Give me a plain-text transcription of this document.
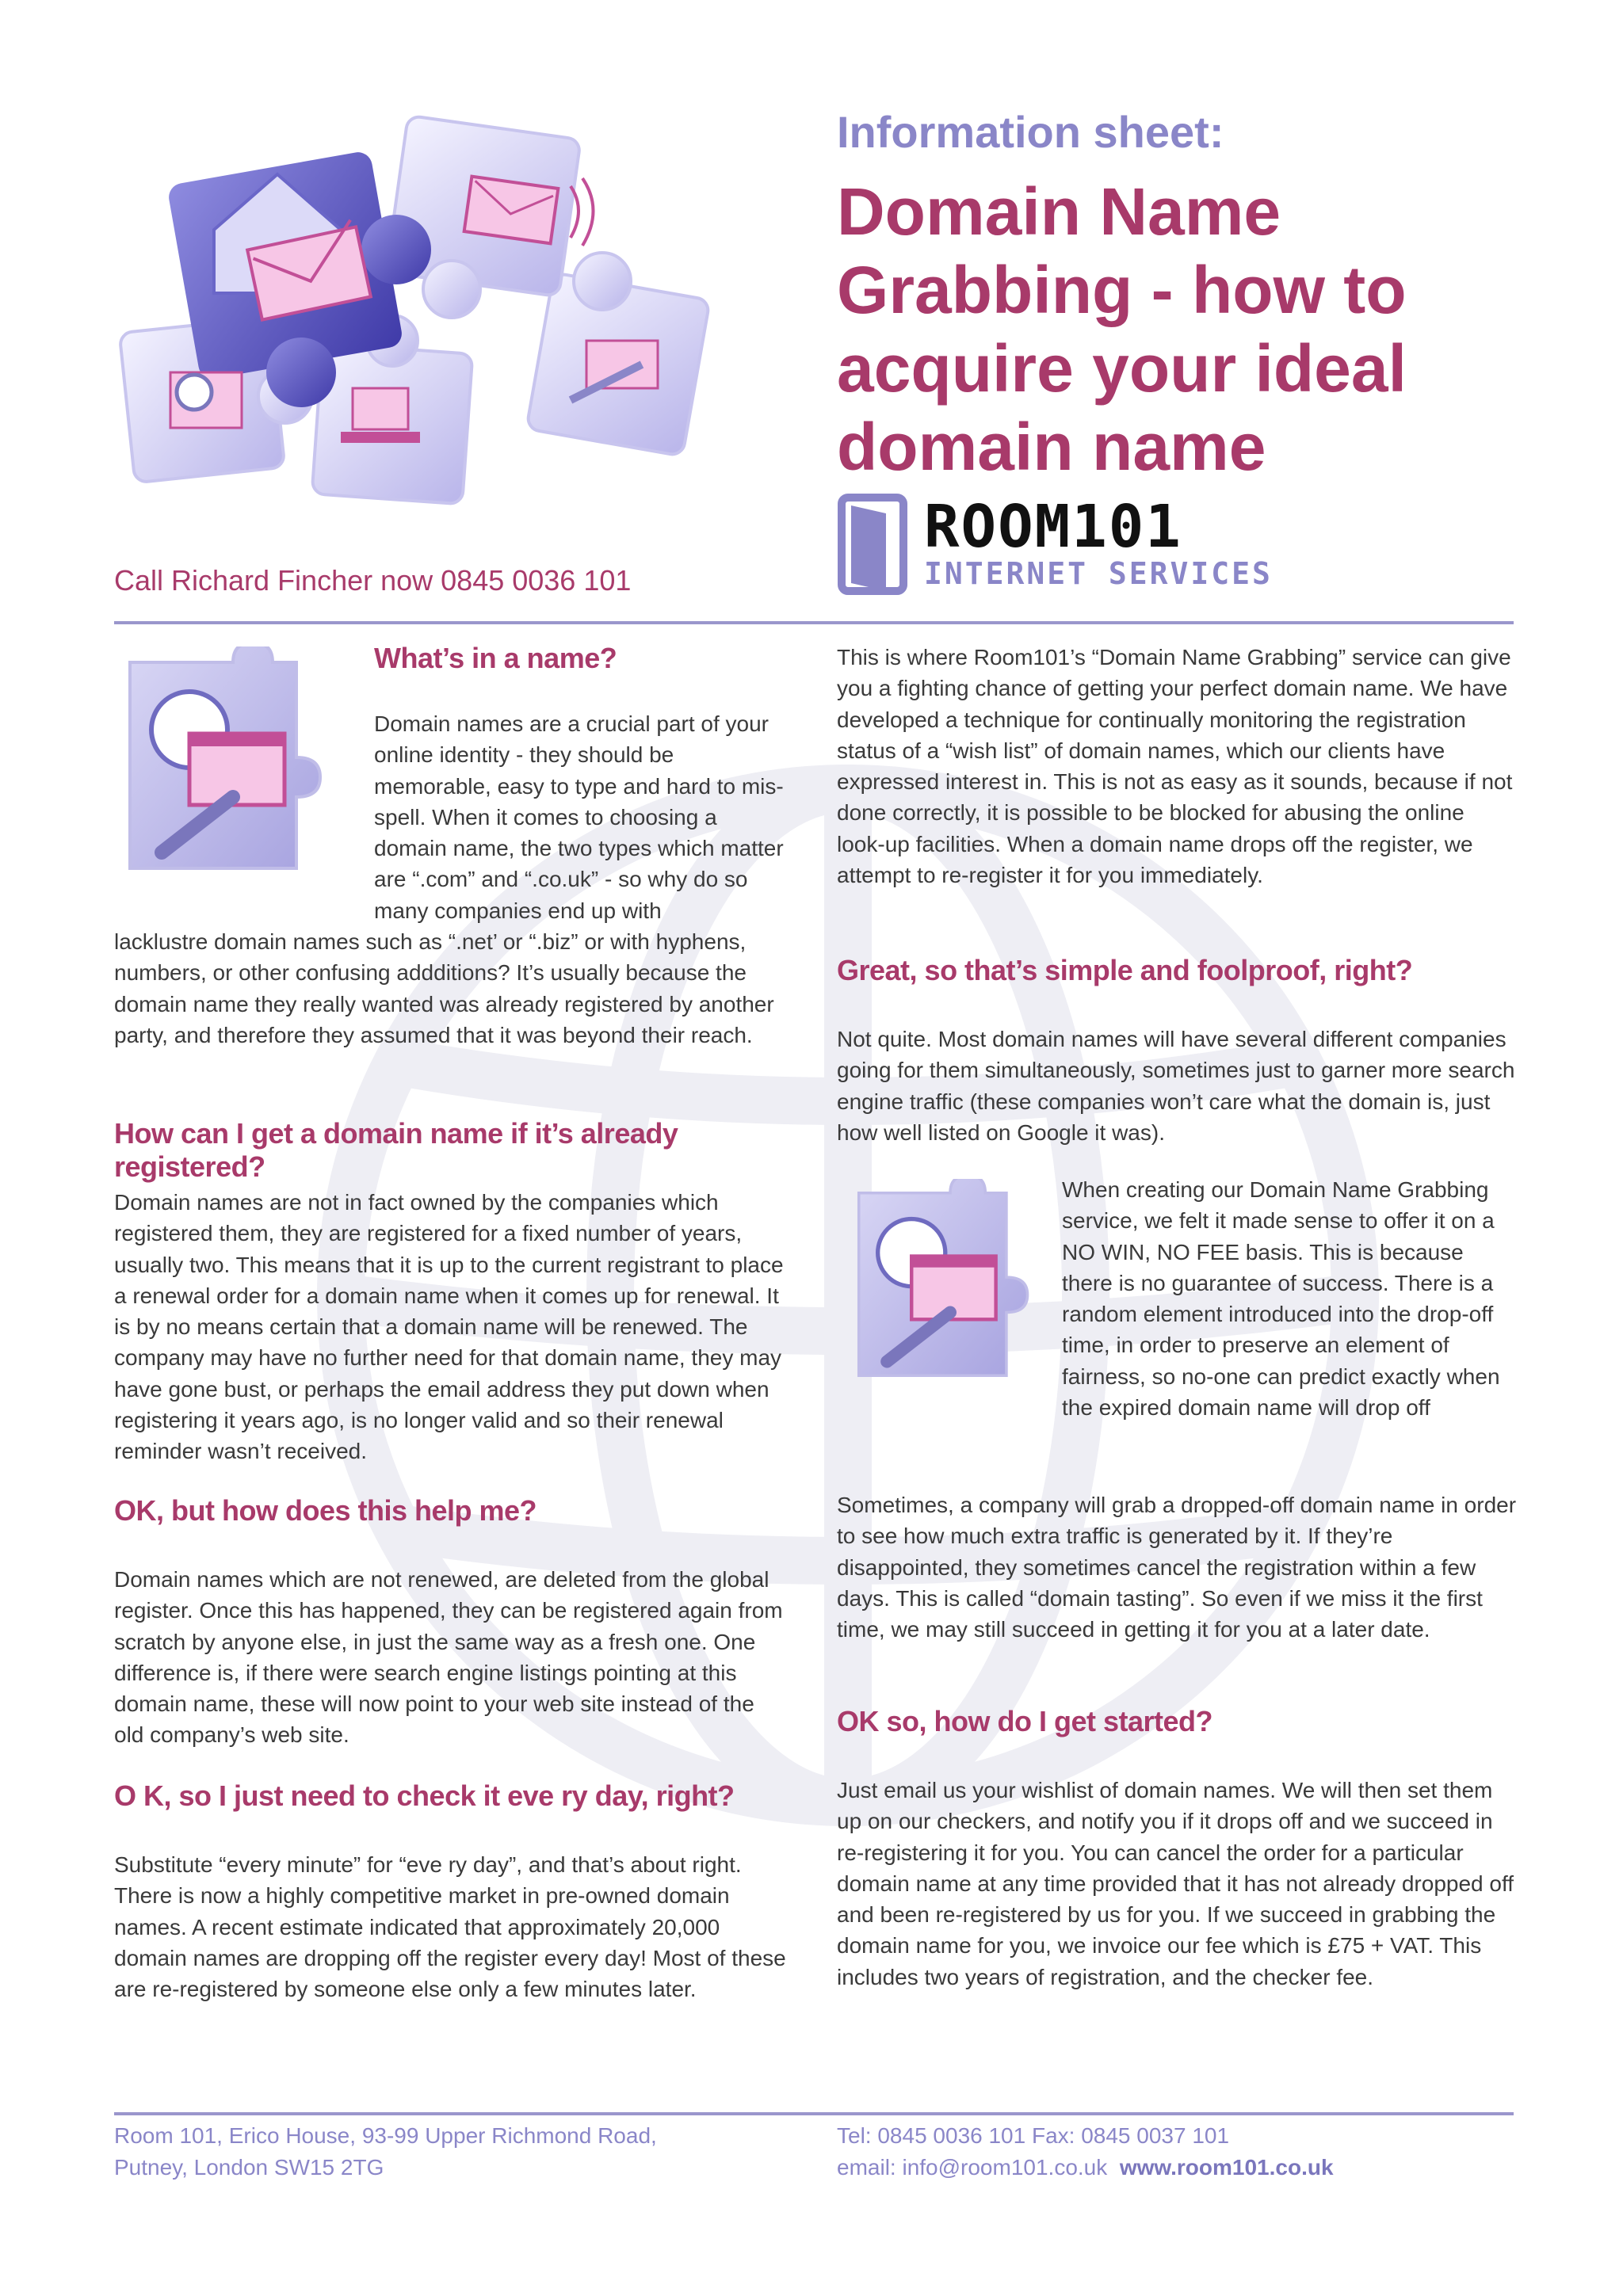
Information sheet:
Domain Name Grabbing - how to acquire your ideal domain name
ROOM101
INTERNET SERVICES
Call Richard Fincher now 0845 0036 101
What’s in a name?

Domain names are a crucial part of your online identity - they should be memorable, easy to type and hard to mis-spell. When it comes to choosing a domain name, the two types which matter are “.com” and “.co.uk” - so why do so many companies end up with

lacklustre domain names such as “.net’ or “.biz” or with hyphens, numbers, or other confusing addditions? It’s usually because the domain name they really wanted was already registered by another party, and therefore they assumed that it was beyond their reach.

How can I get a domain name if it’s already registered?

Domain names are not in fact owned by the companies which registered them, they are registered for a fixed number of years, usually two. This means that it is up to the current registrant to place a renewal order for a domain name when it comes up for renewal. It is by no means certain that a domain name will be renewed. The company may have no further need for that domain name, they may have gone bust, or perhaps the email address they put down when registering it years ago, is no longer valid and so their renewal reminder wasn’t received.

OK, but how does this help me?

Domain names which are not renewed, are deleted from the global register. Once this has happened, they can be registered again from scratch by anyone else, in just the same way as a fresh one. One difference is, if there were search engine listings pointing at this domain name, these will now point to your web site instead of the old company’s web site.

O K, so I just need to check it eve ry day, right?

Substitute “every minute” for “eve ry day”, and that’s about right. There is now a highly competitive market in pre-owned domain names. A recent estimate indicated that approximately 20,000 domain names are dropping off the register every day! Most of these are re-registered by someone else only a few minutes later.

This is where Room101’s “Domain Name Grabbing” service can give you a fighting chance of getting your perfect domain name. We have developed a technique for continually monitoring the registration status of a “wish list” of domain names, which our clients have expressed interest in. This is not as easy as it sounds, because if not done correctly, it is possible to be blocked for abusing the online look-up facilities. When a domain name drops off the register, we attempt to re-register it for you immediately.

Great, so that’s simple and foolproof, right?

Not quite. Most domain names will have several different companies going for them simultaneously, sometimes just to garner more search engine traffic (these companies won’t care what the domain is, just how well listed on Google it was).

When creating our Domain Name Grabbing service, we felt it made sense to offer it on a NO WIN, NO FEE basis. This is because there is no guarantee of success. There is a random element introduced into the drop-off time, in order to preserve an element of fairness, so no-one can predict exactly when the expired domain name will drop off

Sometimes, a company will grab a dropped-off domain name in order to see how much extra traffic is generated by it. If they’re disappointed, they sometimes cancel the registration within a few days. This is called “domain tasting”. So even if we miss it the first time, we may still succeed in getting it for you at a later date.

OK so, how do I get started?

Just email us your wishlist of domain names. We will then set them up on our checkers, and notify you if it drops off and we succeed in re-registering it for you. You can cancel the order for a particular domain name at any time provided that it has not already dropped off and been re-registered by us for you. If we succeed in grabbing the domain name for you, we invoice our fee which is £75 + VAT. This includes two years of registration, and the checker fee.

Room 101, Erico House, 93-99 Upper Richmond Road,
Putney, London SW15 2TG
Tel: 0845 0036 101 Fax: 0845 0037 101
email: info@room101.co.uk www.room101.co.uk
